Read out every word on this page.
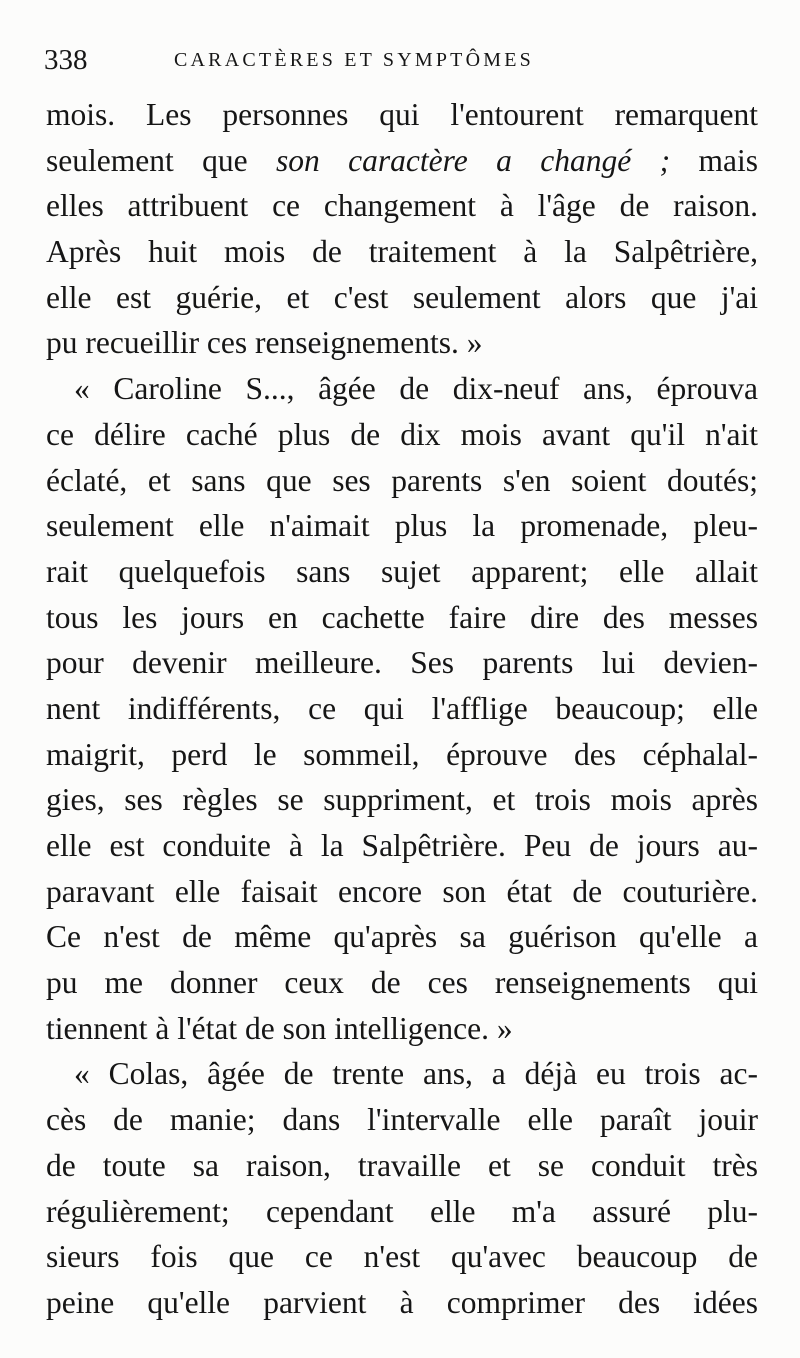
338	CARACTÈRES ET SYMPTÔMES
mois. Les personnes qui l'entourent remarquent
seulement que son caractère a changé ; mais
elles attribuent ce changement à l'âge de raison.
Après huit mois de traitement à la Salpêtrière,
elle est guérie, et c'est seulement alors que j'ai
pu recueillir ces renseignements. »
« Caroline S..., âgée de dix-neuf ans, éprouva
ce délire caché plus de dix mois avant qu'il n'ait
éclaté, et sans que ses parents s'en soient doutés;
seulement elle n'aimait plus la promenade, pleu-
rait quelquefois sans sujet apparent; elle allait
tous les jours en cachette faire dire des messes
pour devenir meilleure. Ses parents lui devien-
nent indifférents, ce qui l'afflige beaucoup; elle
maigrit, perd le sommeil, éprouve des céphalal-
gies, ses règles se suppriment, et trois mois après
elle est conduite à la Salpêtrière. Peu de jours au-
paravant elle faisait encore son état de couturière.
Ce n'est de même qu'après sa guérison qu'elle a
pu me donner ceux de ces renseignements qui
tiennent à l'état de son intelligence. »
« Colas, âgée de trente ans, a déjà eu trois ac-
cès de manie; dans l'intervalle elle paraît jouir
de toute sa raison, travaille et se conduit très
régulièrement; cependant elle m'a assuré plu-
sieurs fois que ce n'est qu'avec beaucoup de
peine qu'elle parvient à comprimer des idées
